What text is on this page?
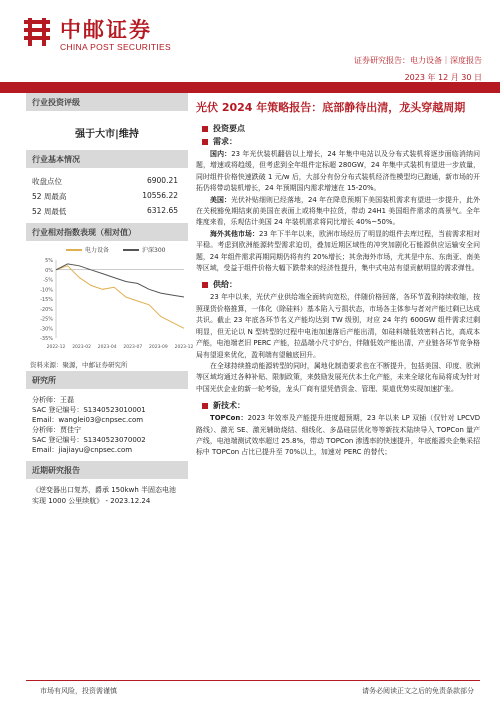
中邮证券
CHINA POST SECURITIES
证券研究报告：电力设备｜深度报告
2023 年 12 月 30 日
行业投资评级
强于大市|维持
行业基本情况
收盘点位	6900.21
52 周最高	10556.22
52 周最低	6312.65
行业相对指数表现（相对值）
电力设备	沪深300
5%
0%
-5%
-10%
-15%
-20%
-25%
-30%
-35%
2022-12 2023-02 2023-04 2023-07 2023-09 2023-12
资料来源：聚源，中邮证券研究所
研究所
分析师：王磊
SAC 登记编号：S1340523010001
Email：wanglei03@cnpsec.com
分析师：贾佳宁
SAC 登记编号：S1340523070002
Email：jiajiayu@cnpsec.com
近期研究报告
《逆变器出口复苏，爵承 150kwh 半固态电池实现 1000 公里续航》 - 2023.12.24
光伏 2024 年策略报告：底部静待出清，龙头穿越周期
投资要点
需求：
国内：23 年光伏装机翻倍以上增长，24 年集中电站以及分布式装机将逐步面临消纳问题，增速或将趋缓，但考虑到全年组件定标超 280GW，24 年集中式装机有望进一步放量，同时组件价格快速跌破 1 元/w 后，大部分有份分布式装机经济性模型均已跑通，新市场的开拓仍将带动装机增长，24 年预期国内需求增速在 15-20%。
美国：光伏补贴细则已经落地，24 年在降息预期下美国装机需求有望进一步提升，此外在关税豁免期结束前美国在表面上或将集中拉货，带动 24H1 美国组件需求的高景气。全年维度来看，乐观估计美国 24 年装机需求将同比增长 40%~50%。
海外其他市场：23 年下半年以来，欧洲市场经历了明显的组件去库过程，当前需求相对平稳。考虑到欧洲能源转型需求迫切，叠加近期区域性的冲突加剧化石能源供应运输安全问题，24 年组件需求再期同期仍将有约 20%增长；其余海外市场，尤其是中东、东南亚、南美等区域，受益于组件价格大幅下跌带来的经济性提升，集中式电站有望贡献明显的需求弹性。
供给：
23 年中以来，光伏产业供给端全面转向宽松，伴随价格回落，各环节盈利持续收缩，按照现货价格推算，一体化（除硅料）基本陷入亏损状态，市场各主体参与者对产能过剩已达成共识。截止 23 年底各环节名义产能均达到 TW 级别，对应 24 年约 600GW 组件需求过剩明显，但无论以 N 型转型的过程中电池加速落后产能出清，如硅料端低效密料占比，高成本产能，电池端老旧 PERC 产能，拉晶端小尺寸炉台，伴随低效产能出清，产业链各环节竞争格局有望迎来优化，盈利端有望触底回升。
在全球持续推动能源转型的同时，属地化制造要求也在不断提升，包括美国、印度、欧洲等区域均通过各种补贴、限制政策，来鼓励发展光伏本土化产能，未来全球化布局将成为针对中国光伏企业的新一轮考验，龙头厂商有望凭借资金、管理、渠道优势实现加速扩张。
新技术：
TOPCon：2023 年效率及产能提升进度超预期，23 年以来 LP 双插（仅针对 LPCVD 路线）、激光 SE、激光辅助烧结、细线化、多晶硅层优化等等新技术陆续导入 TOPCon 量产产线，电池端测试效率超过 25.8%，带动 TOPCon 渗透率的快速提升，年底能源央企集采招标中 TOPCon 占比已提升至 70%以上，加速对 PERC 的替代；
市场有风险，投资需谨慎	请务必阅读正文之后的免责条款部分
